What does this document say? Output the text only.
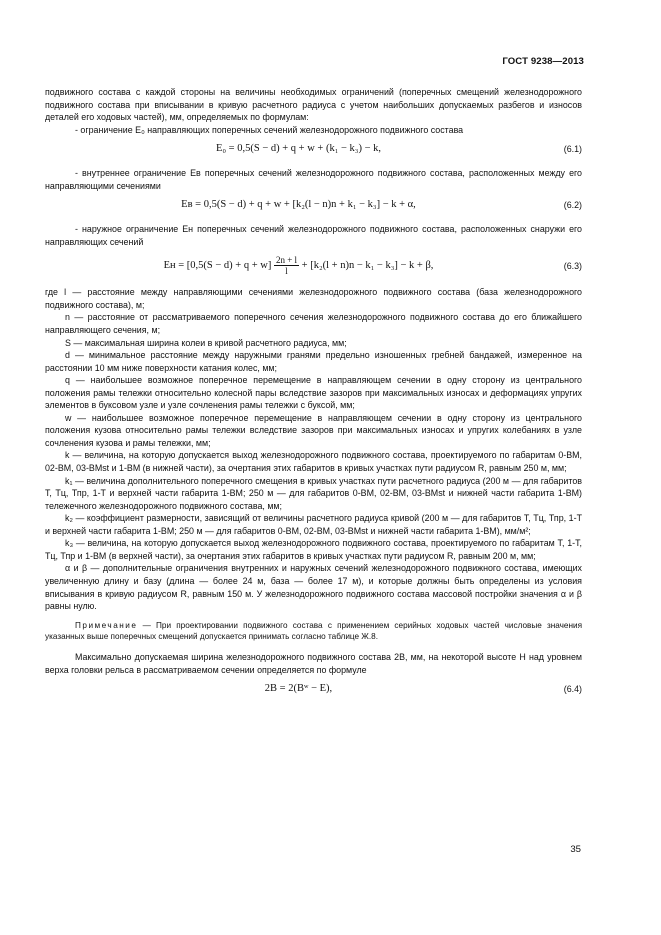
ГОСТ 9238—2013

подвижного состава с каждой стороны на величины необходимых ограничений (поперечных смещений железнодорожного подвижного состава при вписывании в кривую расчетного радиуса с учетом наибольших допускаемых разбегов и износов деталей его ходовых частей), мм, определяемых по формулам:

- ограничение E₀ направляющих поперечных сечений железнодорожного подвижного состава

E₀ = 0,5(S − d) + q + w + (k₁ − k₃) − k,	(6.1)

- внутреннее ограничение Eв поперечных сечений железнодорожного подвижного состава, расположенных между его направляющими сечениями

Eв = 0,5(S − d) + q + w + [k₂(l − n)n + k₁ − k₃] − k + α,	(6.2)

- наружное ограничение Eн поперечных сечений железнодорожного подвижного состава, расположенных снаружи его направляющих сечений

Eн = $[0,5(S - d) + q + w] \frac{2n + l}{l} + [k_2(l + n)n - k_1 - k_3] - k + \beta$,	(6.3)

где l — расстояние между направляющими сечениями железнодорожного подвижного состава (база железнодорожного подвижного состава), м;

n — расстояние от рассматриваемого поперечного сечения железнодорожного подвижного состава до его ближайшего направляющего сечения, м;

S — максимальная ширина колеи в кривой расчетного радиуса, мм;

d — минимальное расстояние между наружными гранями предельно изношенных гребней бандажей, измеренное на расстоянии 10 мм ниже поверхности катания колес, мм;

q — наибольшее возможное поперечное перемещение в направляющем сечении в одну сторону из центрального положения рамы тележки относительно колесной пары вследствие зазоров при максимальных износах и деформациях упругих элементов в буксовом узле и узле сочленения рамы тележки с буксой, мм;

w — наибольшее возможное поперечное перемещение в направляющем сечении в одну сторону из центрального положения кузова относительно рамы тележки вследствие зазоров при максимальных износах и упругих колебаниях в узле сочленения кузова и рамы тележки, мм;

k — величина, на которую допускается выход железнодорожного подвижного состава, проектируемого по габаритам 0-ВМ, 02-ВМ, 03-ВМst и 1-ВМ (в нижней части), за очертания этих габаритов в кривых участках пути радиусом R, равным 250 м, мм;

k₁ — величина дополнительного поперечного смещения в кривых участках пути расчетного радиуса (200 м — для габаритов Т, Тц, Тпр, 1-Т и верхней части габарита 1-ВМ; 250 м — для габаритов 0-ВМ, 02-ВМ, 03-ВМst и нижней части габарита 1-ВМ) тележечного железнодорожного подвижного состава, мм;

k₂ — коэффициент размерности, зависящий от величины расчетного радиуса кривой (200 м — для габаритов Т, Тц, Тпр, 1-Т и верхней части габарита 1-ВМ; 250 м — для габаритов 0-ВМ, 02-ВМ, 03-ВМst и нижней части габарита 1-ВМ), мм/м²;

k₃ — величина, на которую допускается выход железнодорожного подвижного состава, проектируемого по габаритам Т, 1-Т, Тц, Тпр и 1-ВМ (в верхней части), за очертания этих габаритов в кривых участках пути радиусом R, равным 200 м, мм;

α и β — дополнительные ограничения внутренних и наружных сечений железнодорожного подвижного состава, имеющих увеличенную длину и базу (длина — более 24 м, база — более 17 м), и которые должны быть определены из условия вписывания в кривую радиусом R, равным 150 м. У железнодорожного подвижного состава массовой постройки значения α и β равны нулю.

Примечание — При проектировании подвижного состава с применением серийных ходовых частей числовые значения указанных выше поперечных смещений допускается принимать согласно таблице Ж.8.

Максимально допускаемая ширина железнодорожного подвижного состава 2B, мм, на некоторой высоте H над уровнем верха головки рельса в рассматриваемом сечении определяется по формуле

2B = 2(Bʷ − E),	(6.4)
35
